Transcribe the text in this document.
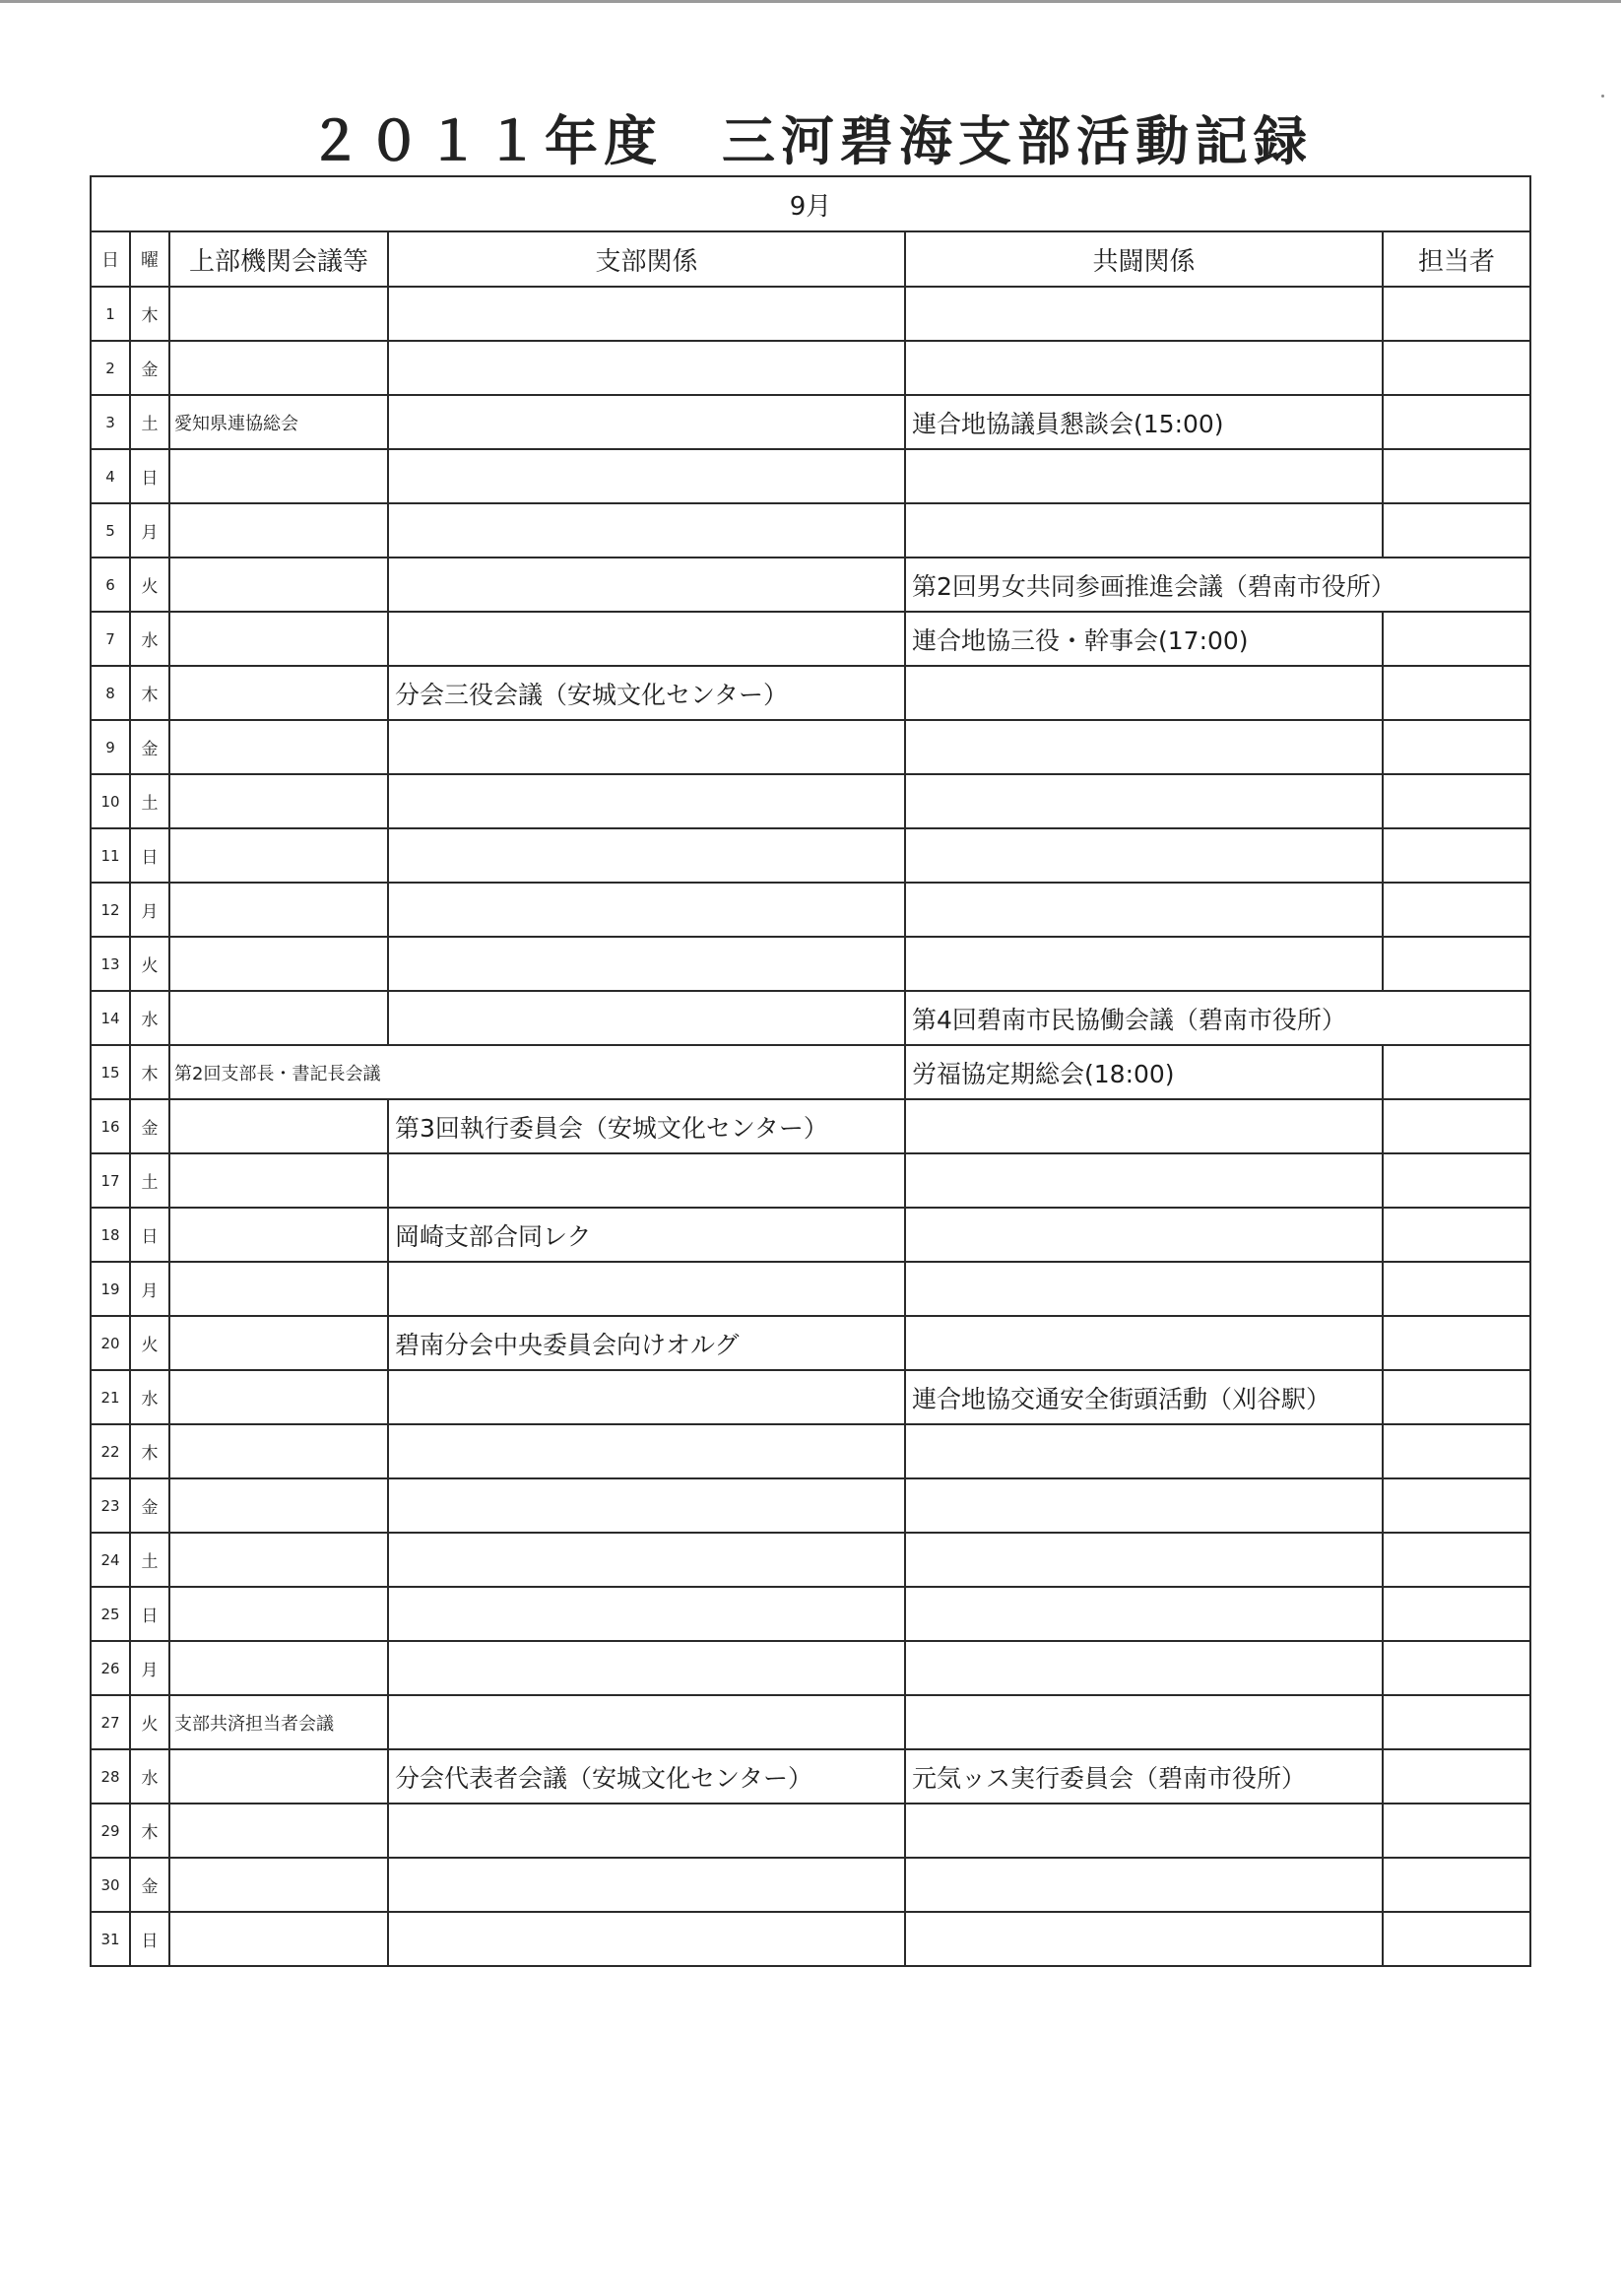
２０１１年度　三河碧海支部活動記録
9月					
日	曜	上部機関会議等	支部関係	共闘関係	担当者
1	木				
2	金				
3	土	愛知県連協総会		連合地協議員懇談会(15:00)	
4	日				
5	月				
6	火			第2回男女共同参画推進会議（碧南市役所）	
7	水			連合地協三役・幹事会(17:00)	
8	木		分会三役会議（安城文化センター）		
9	金				
10	土				
11	日				
12	月				
13	火				
14	水			第4回碧南市民協働会議（碧南市役所）	
15	木	第2回支部長・書記長会議		労福協定期総会(18:00)	
16	金		第3回執行委員会（安城文化センター）		
17	土				
18	日		岡崎支部合同レク		
19	月				
20	火		碧南分会中央委員会向けオルグ		
21	水			連合地協交通安全街頭活動（刈谷駅）	
22	木				
23	金				
24	土				
25	日				
26	月				
27	火	支部共済担当者会議			
28	水		分会代表者会議（安城文化センター）	元気ッス実行委員会（碧南市役所）	
29	木				
30	金				
31	日				
